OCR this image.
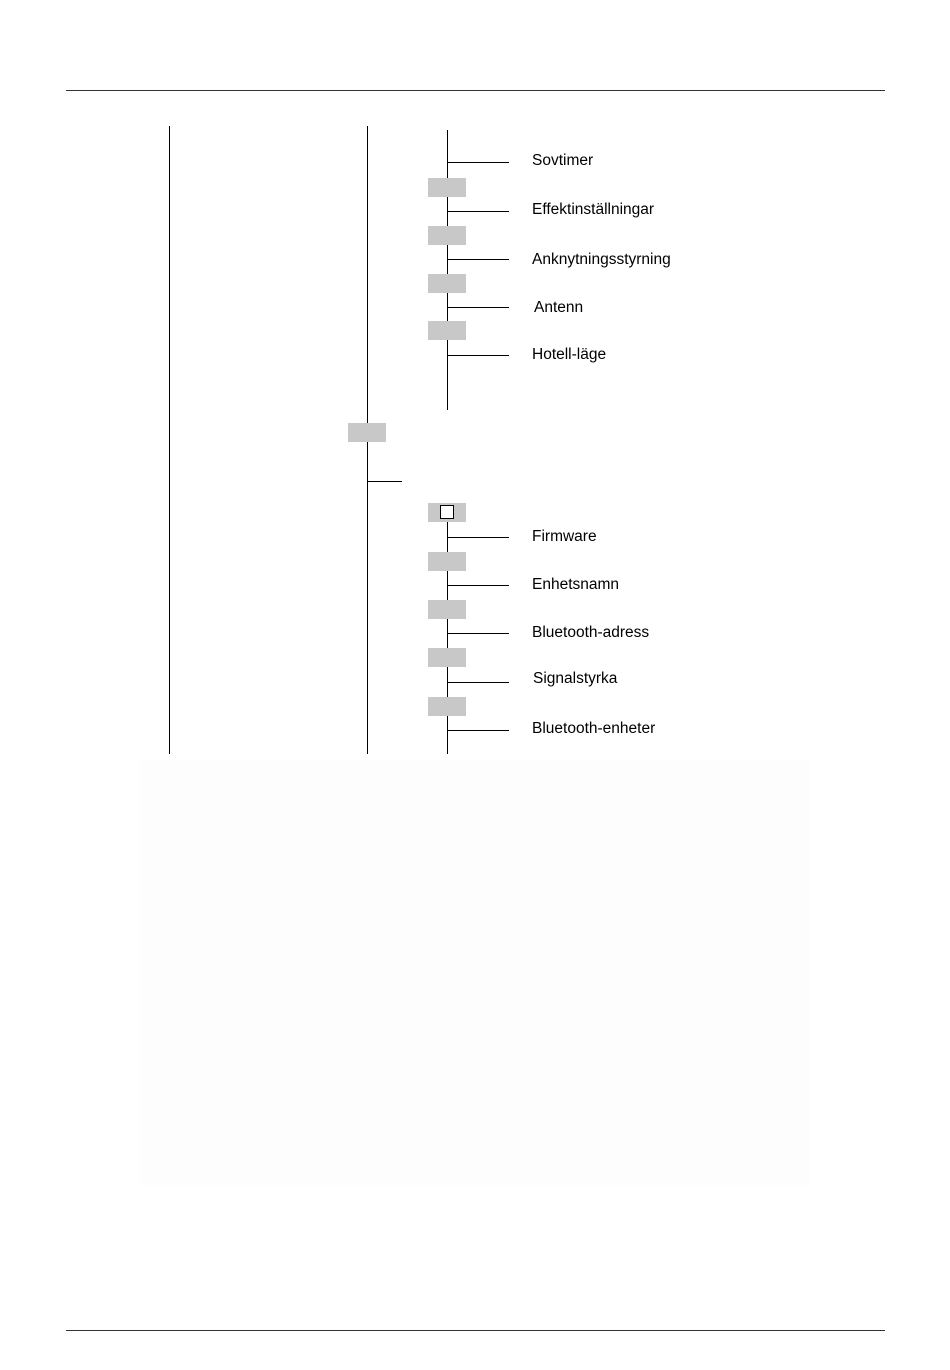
Sovtimer
Effektinställningar
Anknytningsstyrning
Antenn
Hotell-läge
Firmware
Enhetsnamn
Bluetooth-adress
Signalstyrka
Bluetooth-enheter
